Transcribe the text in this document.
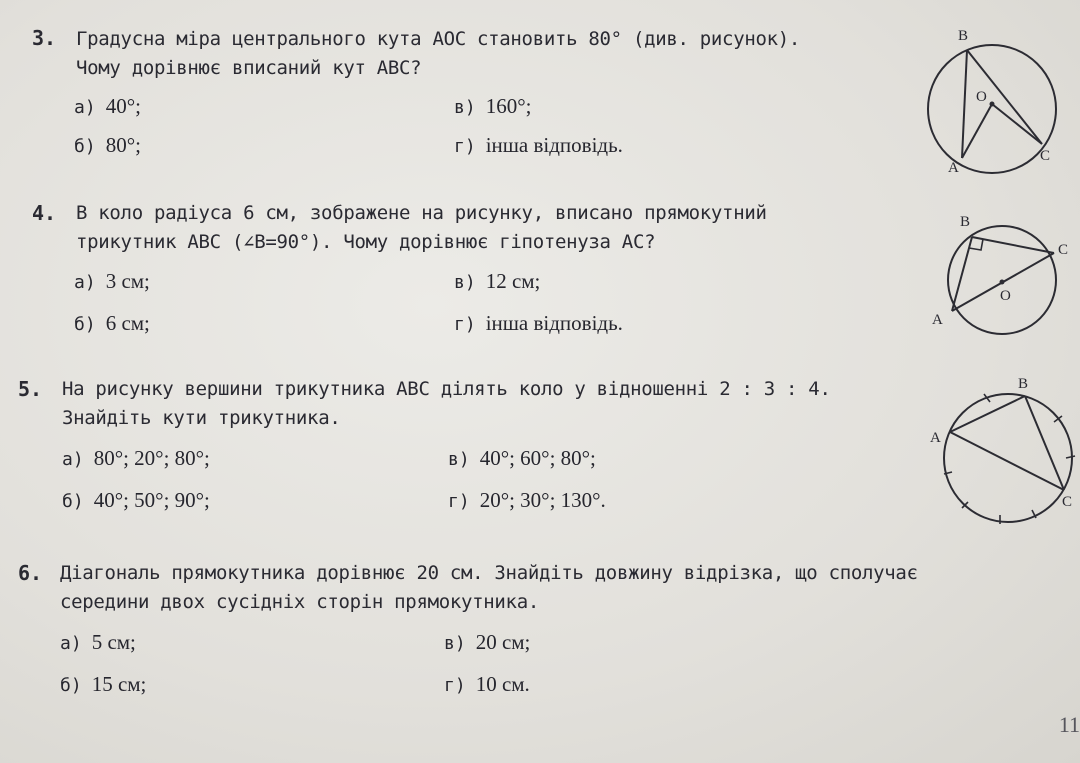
3. Градусна міра центрального кута AOC становить 80° (див. рисунок).
Чому дорівнює вписаний кут ABC?
а) 40°;
б) 80°;
в) 160°;
г) інша відповідь.
B
O
A
C
4. В коло радіуса 6 см, зображене на рисунку, вписано прямокутний
трикутник ABC (∠B=90°). Чому дорівнює гіпотенуза AC?
а) 3 см;
б) 6 см;
в) 12 см;
г) інша відповідь.
B
C
O
A
5. На рисунку вершини трикутника ABC ділять коло у відношенні 2 : 3 : 4.
Знайдіть кути трикутника.
а) 80°; 20°; 80°;
б) 40°; 50°; 90°;
в) 40°; 60°; 80°;
г) 20°; 30°; 130°.
B
A
C
6. Діагональ прямокутника дорівнює 20 см. Знайдіть довжину відрізка, що сполучає
середини двох сусідніх сторін прямокутника.
а) 5 см;
б) 15 см;
в) 20 см;
г) 10 см.
11
